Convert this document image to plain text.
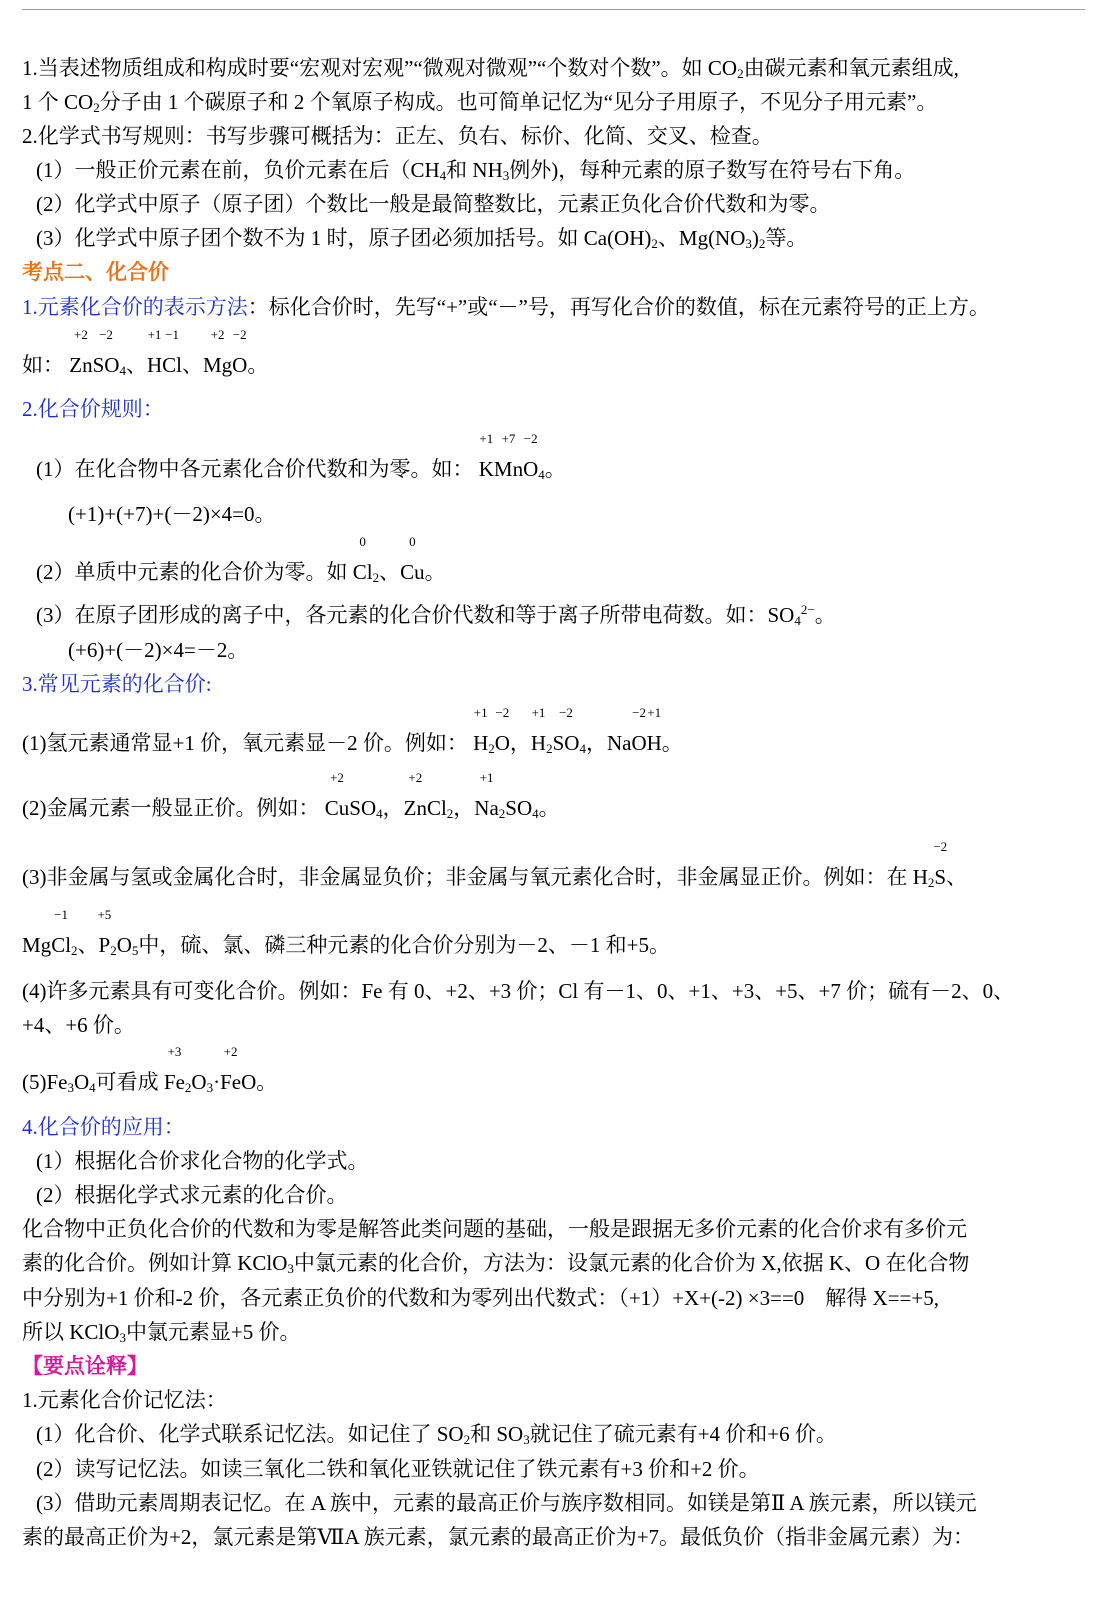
1.当表述物质组成和构成时要“宏观对宏观”“微观对微观”“个数对个数”。如 $CO_2$由碳元素和氧元素组成,
1 个 $CO_2$分子由 1 个碳原子和 2 个氧原子构成。也可简单记忆为“见分子用原子，不见分子用元素”。
2.化学式书写规则：书写步骤可概括为：正左、负右、标价、化简、交叉、检查。
(1）一般正价元素在前，负价元素在后（$CH_4$和 $NH_3$例外)，每种元素的原子数写在符号右下角。
(2）化学式中原子（原子团）个数比一般是最简整数比，元素正负化合价代数和为零。
(3）化学式中原子团个数不为 1 时，原子团必须加括号。如 $Ca(OH)_2$、$Mg(NO_3)_2$等。
考点二、化合价
1.元素化合价的表示方法：标化合价时，先写“+”或“－”号，再写化合价的数值，标在元素符号的正上方。
如：
+2
Zn
−2
$SO_4$、
+1
H
−1
Cl、
+2
Mg
−2
O。
2.化合价规则：
(1）在化合物中各元素化合价代数和为零。如：
+1
K
+7
Mn
−2
$O_4$。
(+1)+(+7)+(－2)×4=0。
(2）单质中元素的化合价为零。如
0
$Cl_2$、
0
Cu。
(3）在原子团形成的离子中，各元素的化合价代数和等于离子所带电荷数。如：$SO_4^{2-}$。
(+6)+(－2)×4=－2。
3.常见元素的化合价:
(1)氢元素通常显+1 价，氧元素显－2 价。例如：
+1
$H_2$
−2
O，
+1
$H_2$
−2
$SO_4$，Na
−2
O
+1
H。
(2)金属元素一般显正价。例如：
+2
CuSO$_4$，
+2
ZnCl$_2$，
+1
$Na_2SO_4$。
(3)非金属与氢或金属化合时，非金属显负价；非金属与氧元素化合时，非金属显正价。例如：在 $H_2$
−2
S、
Mg
−1
$Cl_2$、
+5
$P_2O_5$中，硫、氯、磷三种元素的化合价分别为－2、－1 和+5。
(4)许多元素具有可变化合价。例如：Fe 有 0、+2、+3 价；Cl 有－1、0、+1、+3、+5、+7 价；硫有－2、0、
+4、+6 价。
$(5)Fe_3O_4$可看成
+3
$Fe_2O_3\cdot$
+2
FeO。
4.化合价的应用：
(1）根据化合价求化合物的化学式。
(2）根据化学式求元素的化合价。
化合物中正负化合价的代数和为零是解答此类问题的基础，一般是跟据无多价元素的化合价求有多价元
素的化合价。例如计算 KClO$_3$中氯元素的化合价，方法为：设氯元素的化合价为 X,依据 K、O 在化合物
中分别为+1 价和-2 价，各元素正负价的代数和为零列出代数式：（+1）+X+(-2) ×3==0　解得 X==+5,
所以 KClO$_3$中氯元素显+5 价。
【要点诠释】
1.元素化合价记忆法：
(1）化合价、化学式联系记忆法。如记住了 $SO_2$和 $SO_3$就记住了硫元素有+4 价和+6 价。
(2）读写记忆法。如读三氧化二铁和氧化亚铁就记住了铁元素有+3 价和+2 价。
(3）借助元素周期表记忆。在 A 族中，元素的最高正价与族序数相同。如镁是第Ⅱ A 族元素，所以镁元
素的最高正价为+2，氯元素是第ⅦA 族元素，氯元素的最高正价为+7。最低负价（指非金属元素）为：
